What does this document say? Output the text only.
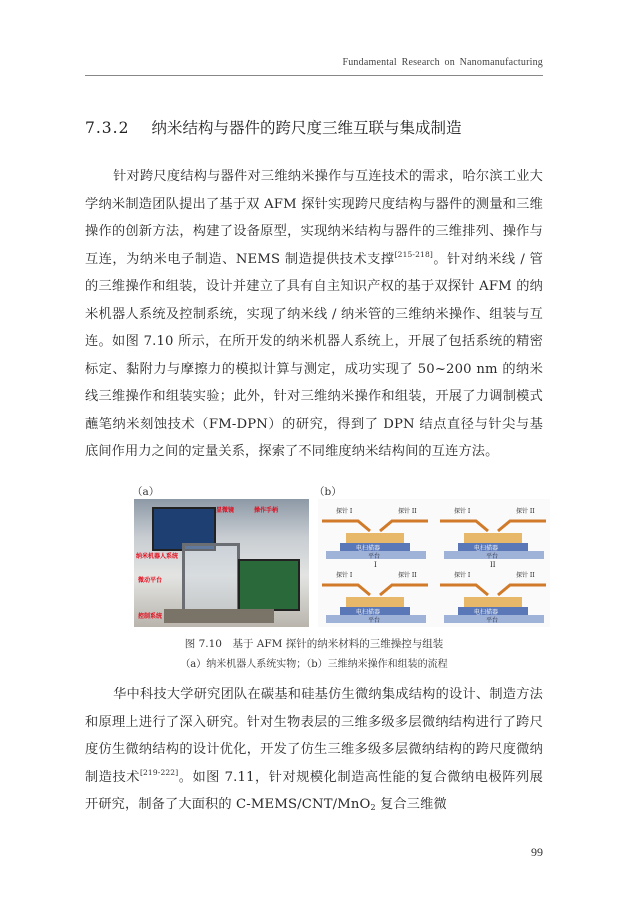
Fundamental Research on Nanomanufacturing
7.3.2 纳米结构与器件的跨尺度三维互联与集成制造
针对跨尺度结构与器件对三维纳米操作与互连技术的需求，哈尔滨工业大学纳米制造团队提出了基于双 AFM 探针实现跨尺度结构与器件的测量和三维操作的创新方法，构建了设备原型，实现纳米结构与器件的三维排列、操作与互连，为纳米电子制造、NEMS 制造提供技术支撑[215-218]。针对纳米线 / 管的三维操作和组装，设计并建立了具有自主知识产权的基于双探针 AFM 的纳米机器人系统及控制系统，实现了纳米线 / 纳米管的三维纳米操作、组装与互连。如图 7.10 所示，在所开发的纳米机器人系统上，开展了包括系统的精密标定、黏附力与摩擦力的模拟计算与测定，成功实现了 50~200 nm 的纳米线三维操作和组装实验；此外，针对三维纳米操作和组装，开展了力调制模式蘸笔纳米刻蚀技术（FM-DPN）的研究，得到了 DPN 结点直径与针尖与基底间作用力之间的定量关系，探索了不同维度纳米结构间的互连方法。
（a）	（b）
纳米机器人系统
微动平台
显微镜	操作手柄
控制系统
探针 I	探针 II	探针 I	探针 II
探针 I	探针 II	探针 I	探针 II
电扫描器	电扫描器
电扫描器	电扫描器
平台	平台
平台	平台
I	II
图 7.10　基于 AFM 探针的纳米材料的三维操控与组装
（a）纳米机器人系统实物；（b）三维纳米操作和组装的流程
华中科技大学研究团队在碳基和硅基仿生微纳集成结构的设计、制造方法和原理上进行了深入研究。针对生物表层的三维多级多层微纳结构进行了跨尺度仿生微纳结构的设计优化，开发了仿生三维多级多层微纳结构的跨尺度微纳制造技术[219-222]。如图 7.11，针对规模化制造高性能的复合微纳电极阵列展开研究，制备了大面积的 C-MEMS/CNT/MnO$_2$ 复合三维微
99
